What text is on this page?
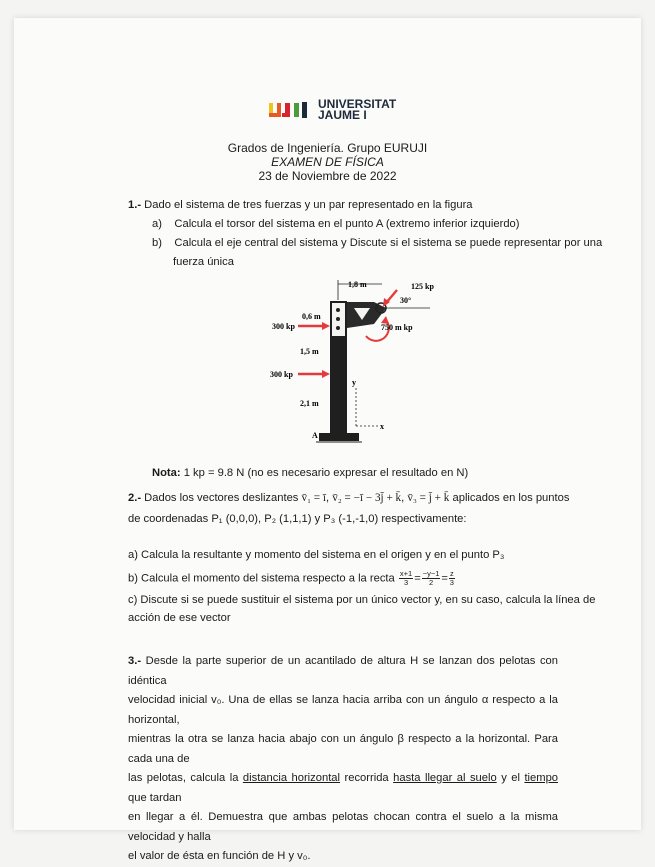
UNIVERSITAT
JAUME I
Grados de Ingeniería. Grupo EURUJI
EXAMEN DE FÍSICA
23 de Noviembre de 2022
1.- Dado el sistema de tres fuerzas y un par representado en la figura
a) Calcula el torsor del sistema en el punto A (extremo inferior izquierdo)
b) Calcula el eje central del sistema y Discute si el sistema se puede representar por una
fuerza única
1,8 m	125 kp
30°
750 m kp
0,6 m
300 kp
1,5 m
300 kp
2,1 m
y
x
A
Nota: 1 kp = 9.8 N (no es necesario expresar el resultado en N)
2.- Dados los vectores deslizantes v̄₁ = ī, v̄₂ = −ī − 3j̄ + k̄, v̄₃ = j̄ + k̄ aplicados en los puntos
de coordenadas P₁ (0,0,0), P₂ (1,1,1) y P₃ (-1,-1,0) respectivamente:
a) Calcula la resultante y momento del sistema en el origen y en el punto P₃
b) Calcula el momento del sistema respecto a la recta $\frac{x+1}{3} = \frac{-y-1}{2} = \frac{z}{3}$
c) Discute si se puede sustituir el sistema por un único vector y, en su caso, calcula la línea de
acción de ese vector
3.- Desde la parte superior de un acantilado de altura H se lanzan dos pelotas con idéntica
velocidad inicial v₀. Una de ellas se lanza hacia arriba con un ángulo α respecto a la horizontal,
mientras la otra se lanza hacia abajo con un ángulo β respecto a la horizontal. Para cada una de
las pelotas, calcula la distancia horizontal recorrida hasta llegar al suelo y el tiempo que tardan
en llegar a él. Demuestra que ambas pelotas chocan contra el suelo a la misma velocidad y halla
el valor de ésta en función de H y v₀.
